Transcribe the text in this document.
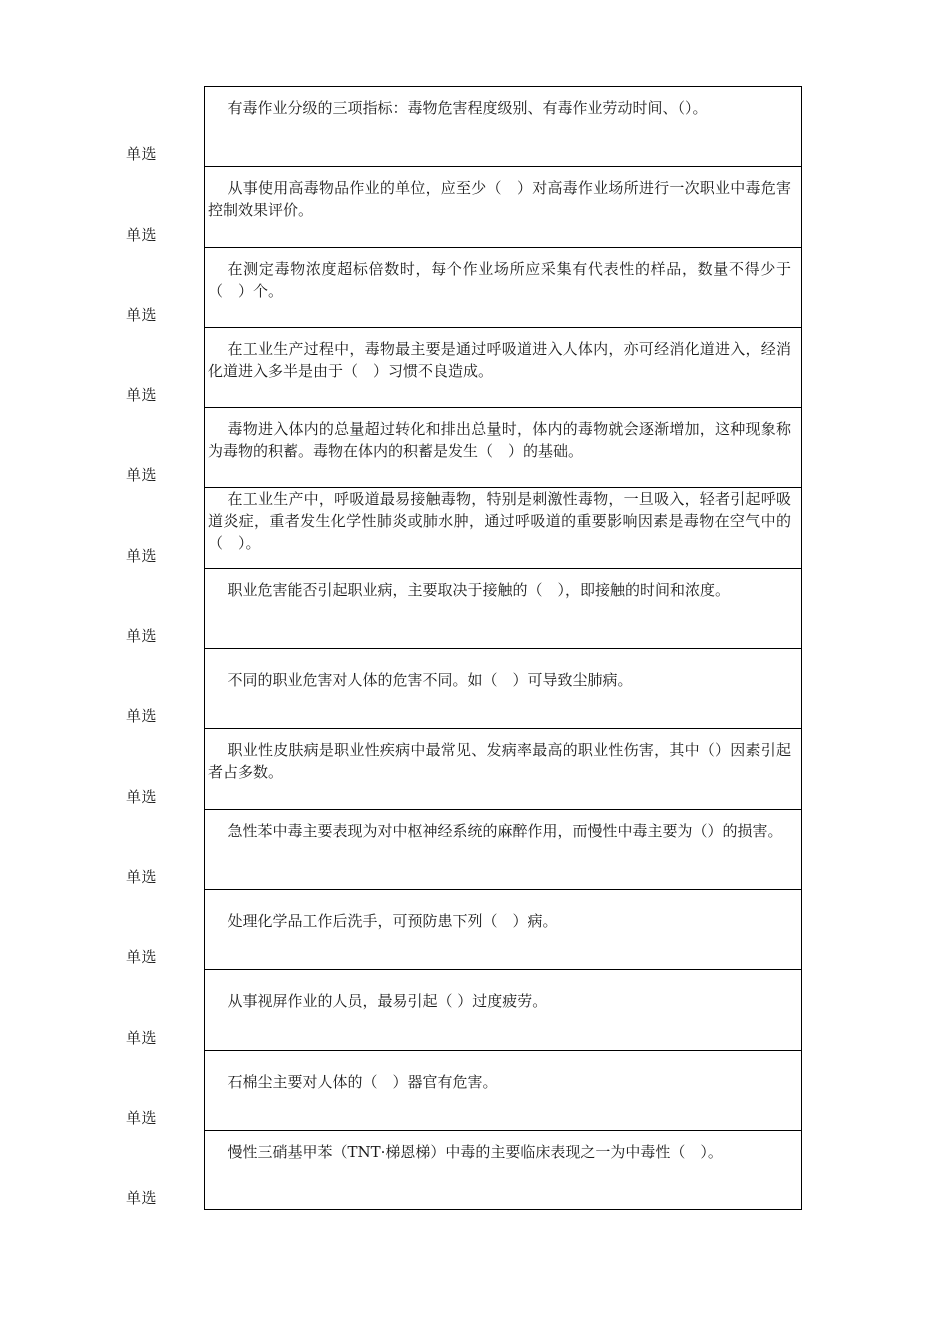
单选
有毒作业分级的三项指标：毒物危害程度级别、有毒作业劳动时间、（）。
单选
从事使用高毒物品作业的单位，应至少（　）对高毒作业场所进行一次职业中毒危害控制效果评价。
单选
在测定毒物浓度超标倍数时，每个作业场所应采集有代表性的样品，数量不得少于（　）个。
单选
在工业生产过程中，毒物最主要是通过呼吸道进入人体内，亦可经消化道进入，经消化道进入多半是由于（　）习惯不良造成。
单选
毒物进入体内的总量超过转化和排出总量时，体内的毒物就会逐渐增加，这种现象称为毒物的积蓄。毒物在体内的积蓄是发生（　）的基础。
单选
在工业生产中，呼吸道最易接触毒物，特别是刺激性毒物，一旦吸入，轻者引起呼吸道炎症，重者发生化学性肺炎或肺水肿，通过呼吸道的重要影响因素是毒物在空气中的（　）。
单选
职业危害能否引起职业病，主要取决于接触的（　），即接触的时间和浓度。
单选
不同的职业危害对人体的危害不同。如（　）可导致尘肺病。
单选
职业性皮肤病是职业性疾病中最常见、发病率最高的职业性伤害，其中（）因素引起者占多数。
单选
急性苯中毒主要表现为对中枢神经系统的麻醉作用，而慢性中毒主要为（）的损害。
单选
处理化学品工作后洗手，可预防患下列（　）病。
单选
从事视屏作业的人员，最易引起（ ）过度疲劳。
单选
石棉尘主要对人体的（　）器官有危害。
单选
慢性三硝基甲苯（TNT·梯恩梯）中毒的主要临床表现之一为中毒性（　）。
